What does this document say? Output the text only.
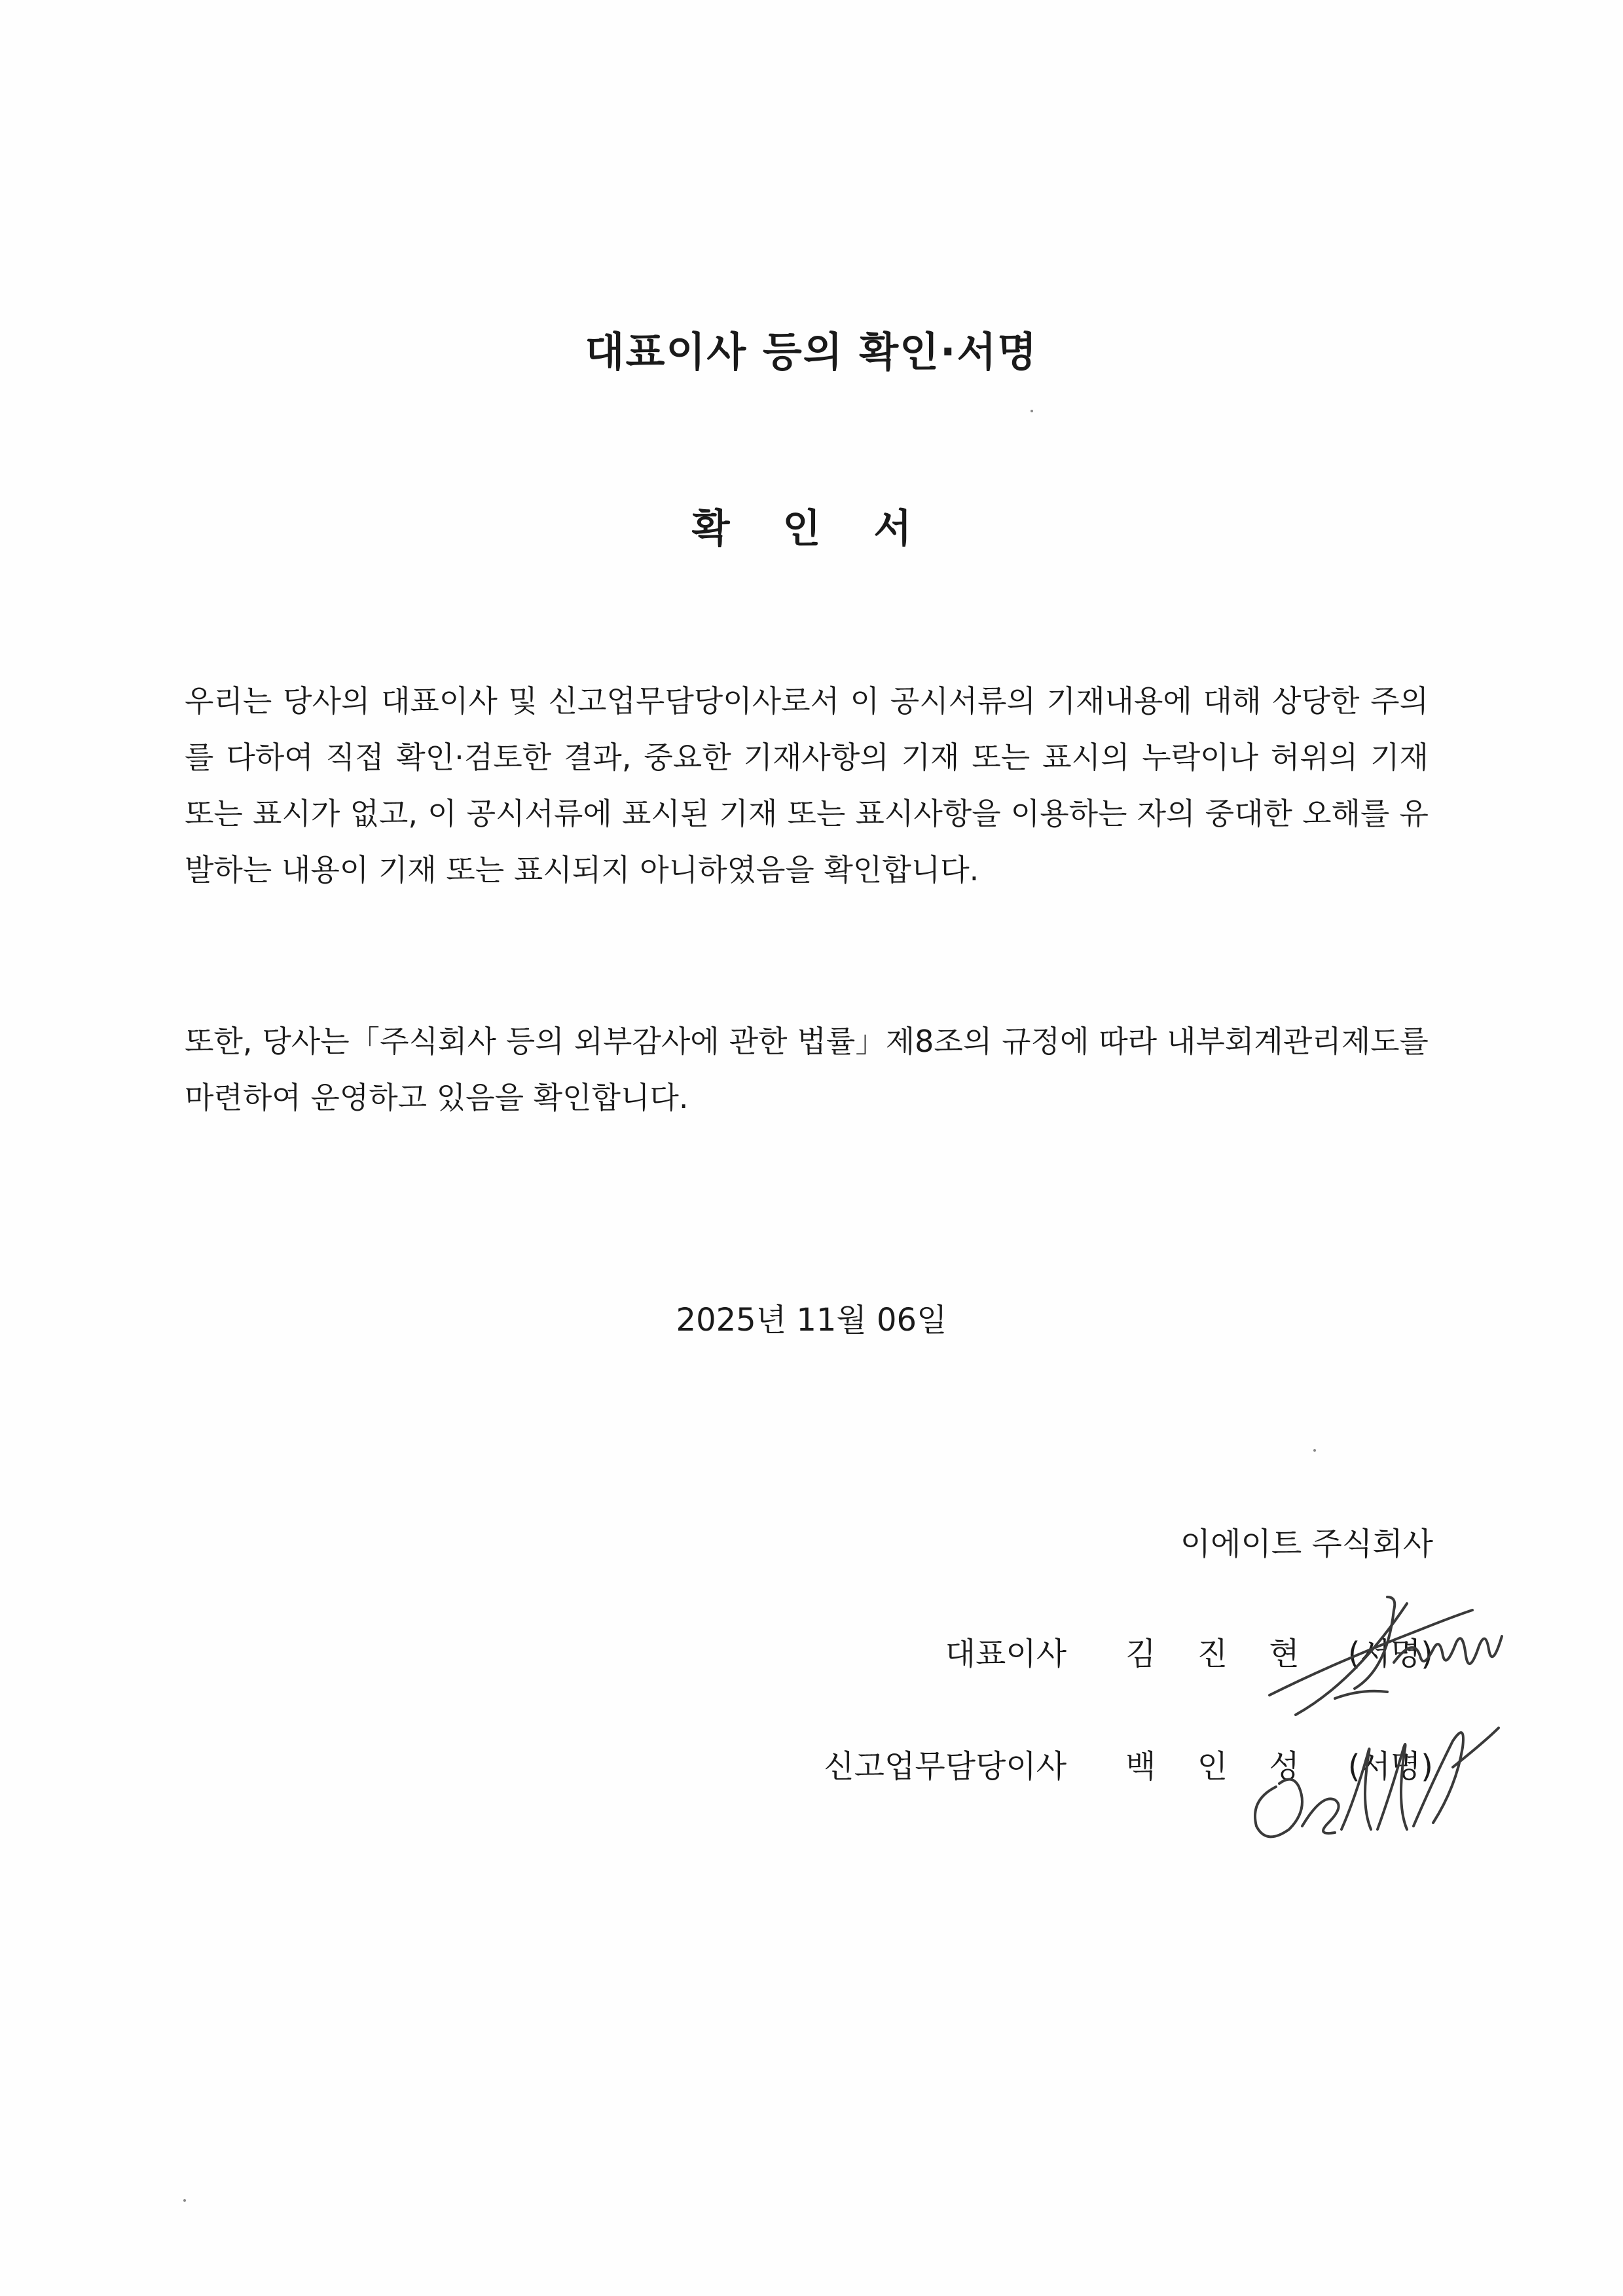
대표이사 등의 확인·서명
확 인 서

우리는 당사의 대표이사 및 신고업무담당이사로서 이 공시서류의 기재내용에 대해 상당한 주의를 다하여 직접 확인·검토한 결과, 중요한 기재사항의 기재 또는 표시의 누락이나 허위의 기재 또는 표시가 없고, 이 공시서류에 표시된 기재 또는 표시사항을 이용하는 자의 중대한 오해를 유발하는 내용이 기재 또는 표시되지 아니하였음을 확인합니다.

또한, 당사는「주식회사 등의 외부감사에 관한 법률」제8조의 규정에 따라 내부회계관리제도를 마련하여 운영하고 있음을 확인합니다.

2025년 11월 06일

이에이트 주식회사

대표이사 김 진 현 (서명)
신고업무담당이사 백 인 성 (서명)
